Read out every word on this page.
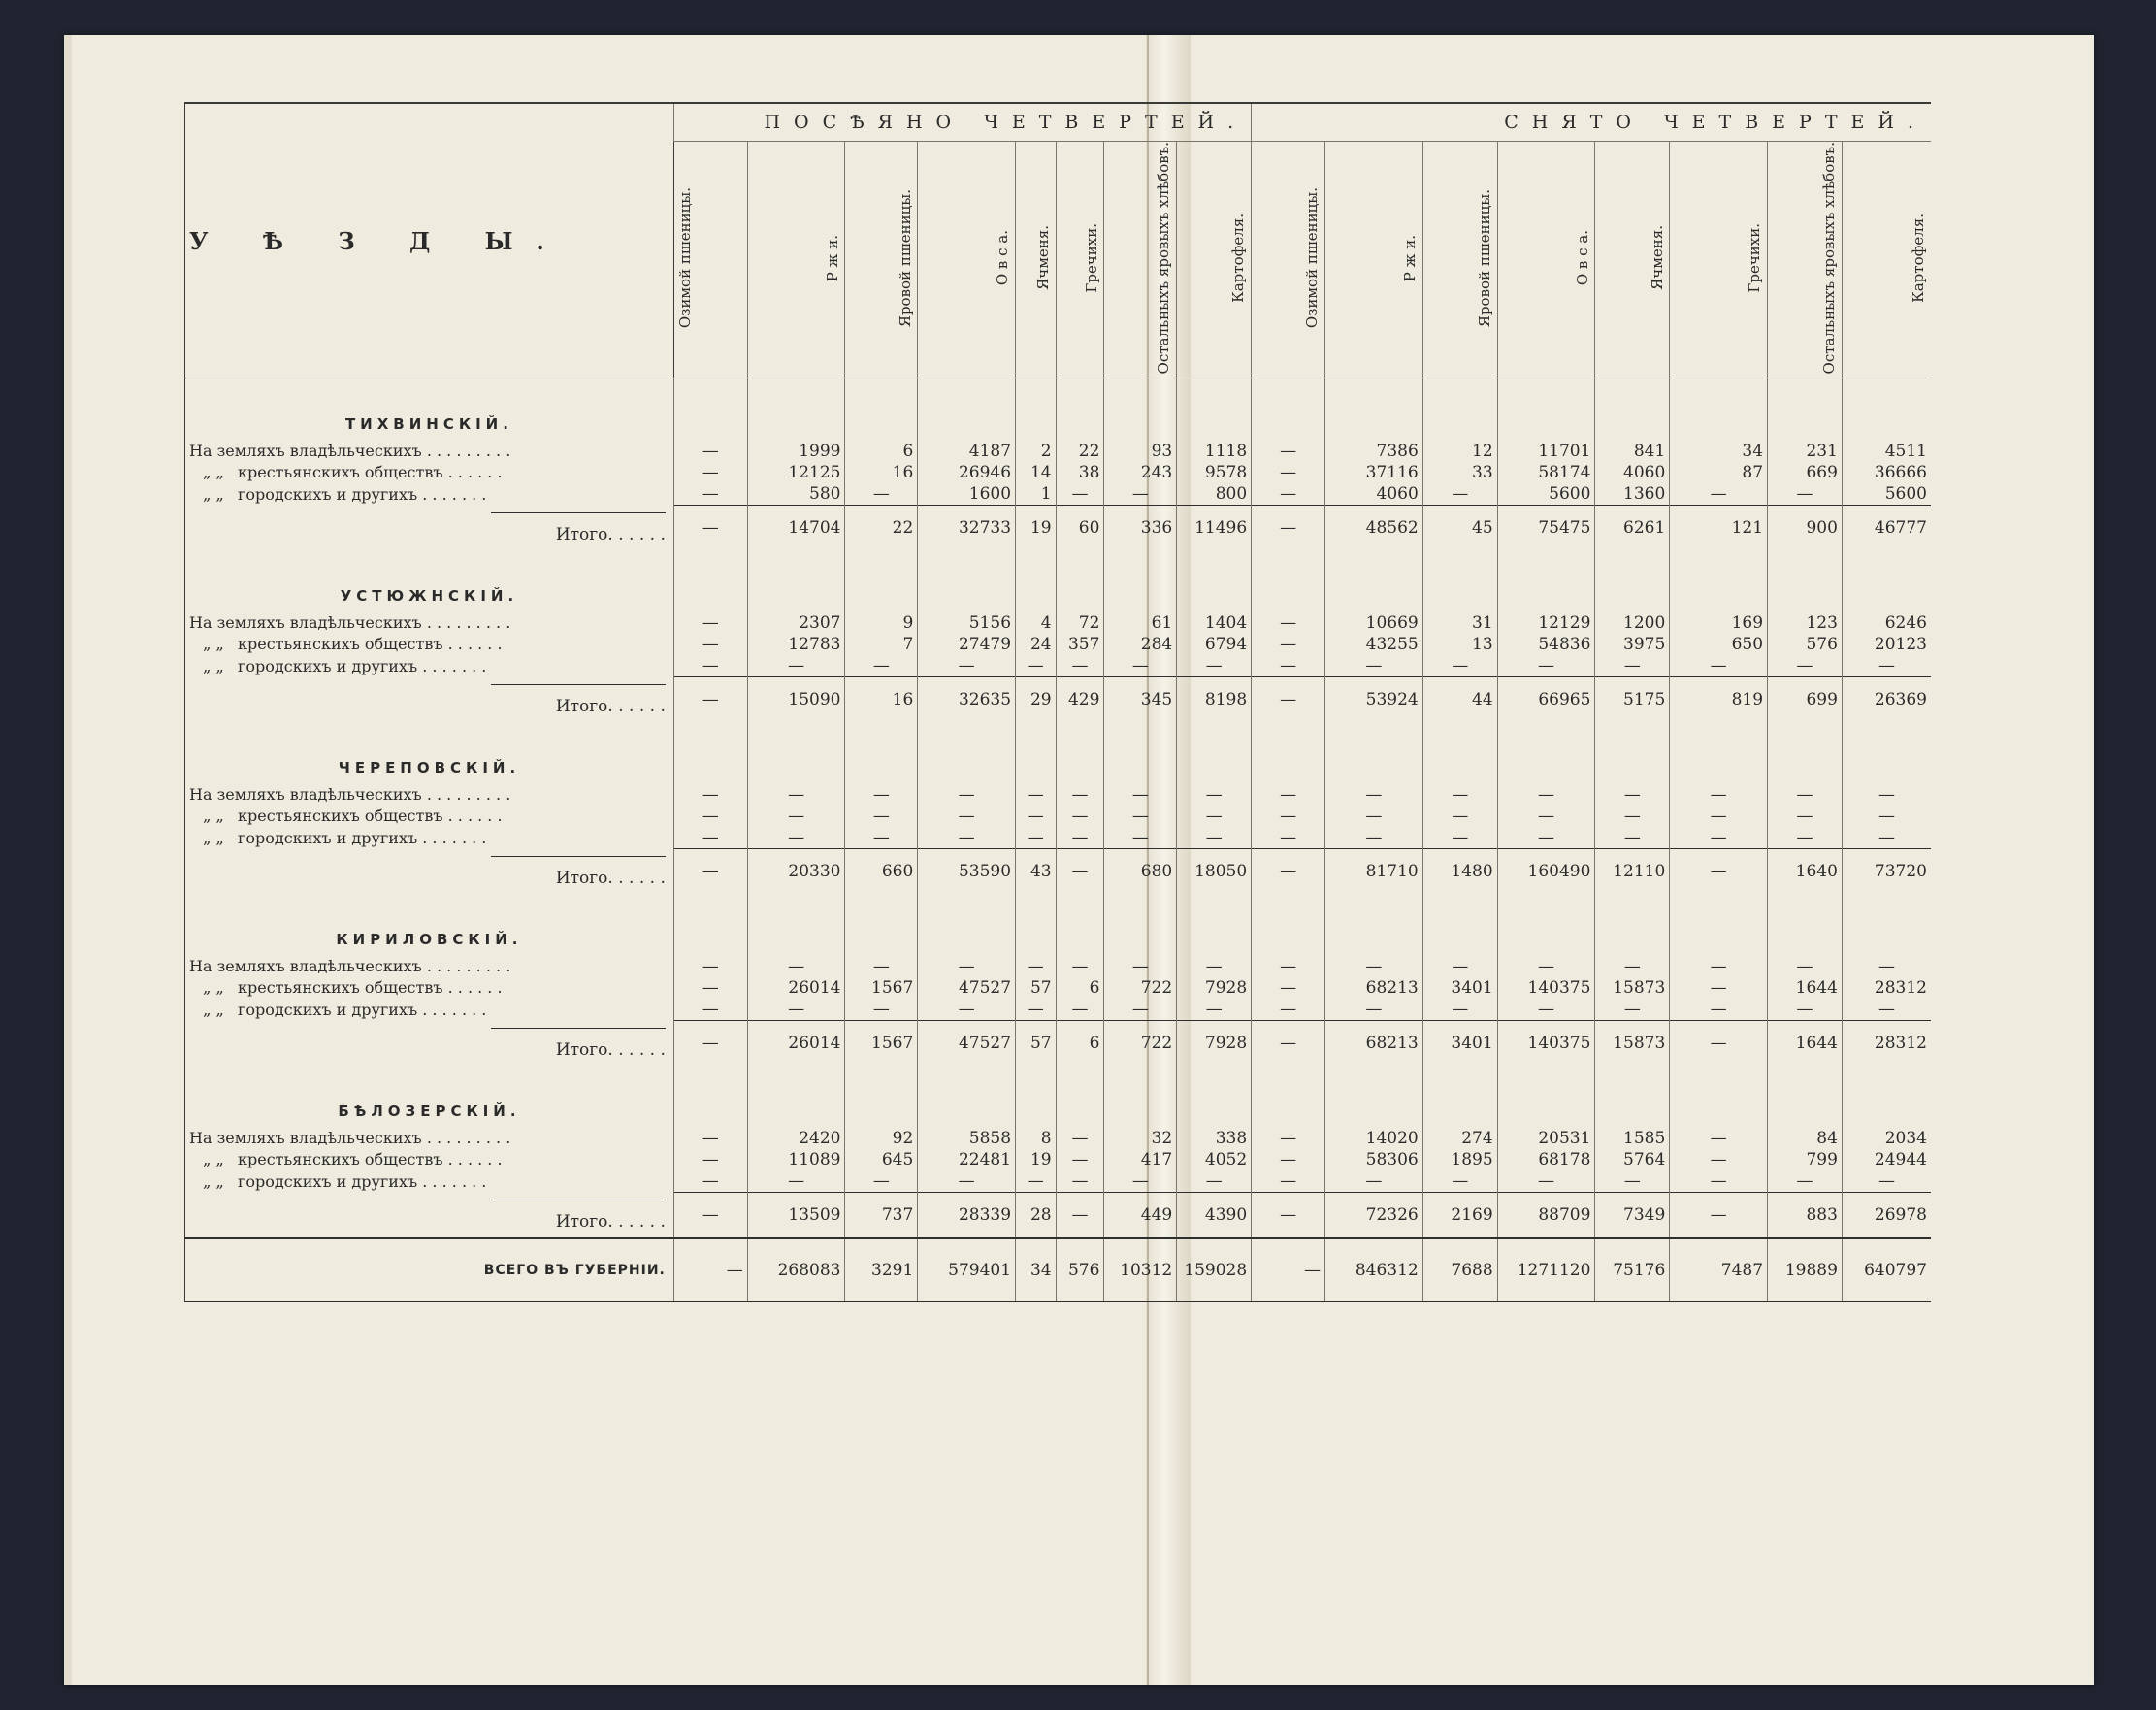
У Ѣ З Д Ы.	ПОСѢЯНО ЧЕТВЕРТЕЙ.								СНЯТО ЧЕТВЕРТЕЙ.							
	Озимой пшеницы.	Р ж и.	Яровой пшеницы.	О в с а.	Ячменя.	Гречихи.	Остальныхъ яровыхъ хлѣбовъ.	Картофеля.	Озимой пшеницы.	Р ж и.	Яровой пшеницы.	О в с а.	Ячменя.	Гречихи.	Остальныхъ яровыхъ хлѣбовъ.	Картофеля.

ТИХВИНСКІЙ.																

На земляхъ владѣльческихъ . . . . . . . . .	—	1999	6	4187	2	22	93	1118	—	7386	12	11701	841	34	231	4511
„ „ крестьянскихъ обществъ . . . . . .	—	12125	16	26946	14	38	243	9578	—	37116	33	58174	4060	87	669	36666
„ „ городскихъ и другихъ . . . . . . .	—	580	—	1600	1	—	—	800	—	4060	—	5600	1360	—	—	5600
Итого. . . . . .	—	14704	22	32733	19	60	336	11496	—	48562	45	75475	6261	121	900	46777

УСТЮЖНСКІЙ.																

На земляхъ владѣльческихъ . . . . . . . . .	—	2307	9	5156	4	72	61	1404	—	10669	31	12129	1200	169	123	6246
„ „ крестьянскихъ обществъ . . . . . .	—	12783	7	27479	24	357	284	6794	—	43255	13	54836	3975	650	576	20123
„ „ городскихъ и другихъ . . . . . . .	—	—	—	—	—	—	—	—	—	—	—	—	—	—	—	—
Итого. . . . . .	—	15090	16	32635	29	429	345	8198	—	53924	44	66965	5175	819	699	26369

ЧЕРЕПОВСКІЙ.																

На земляхъ владѣльческихъ . . . . . . . . .	—	—	—	—	—	—	—	—	—	—	—	—	—	—	—	—
„ „ крестьянскихъ обществъ . . . . . .	—	—	—	—	—	—	—	—	—	—	—	—	—	—	—	—
„ „ городскихъ и другихъ . . . . . . .	—	—	—	—	—	—	—	—	—	—	—	—	—	—	—	—
Итого. . . . . .	—	20330	660	53590	43	—	680	18050	—	81710	1480	160490	12110	—	1640	73720

КИРИЛОВСКІЙ.																

На земляхъ владѣльческихъ . . . . . . . . .	—	—	—	—	—	—	—	—	—	—	—	—	—	—	—	—
„ „ крестьянскихъ обществъ . . . . . .	—	26014	1567	47527	57	6	722	7928	—	68213	3401	140375	15873	—	1644	28312
„ „ городскихъ и другихъ . . . . . . .	—	—	—	—	—	—	—	—	—	—	—	—	—	—	—	—
Итого. . . . . .	—	26014	1567	47527	57	6	722	7928	—	68213	3401	140375	15873	—	1644	28312

БѢЛОЗЕРСКІЙ.																

На земляхъ владѣльческихъ . . . . . . . . .	—	2420	92	5858	8	—	32	338	—	14020	274	20531	1585	—	84	2034
„ „ крестьянскихъ обществъ . . . . . .	—	11089	645	22481	19	—	417	4052	—	58306	1895	68178	5764	—	799	24944
„ „ городскихъ и другихъ . . . . . . .	—	—	—	—	—	—	—	—	—	—	—	—	—	—	—	—
Итого. . . . . .	—	13509	737	28339	28	—	449	4390	—	72326	2169	88709	7349	—	883	26978
ВСЕГО ВЪ ГУБЕРНІИ.	—	268083	3291	579401	34	576	10312	159028	—	846312	7688	1271120	75176	7487	19889	640797
